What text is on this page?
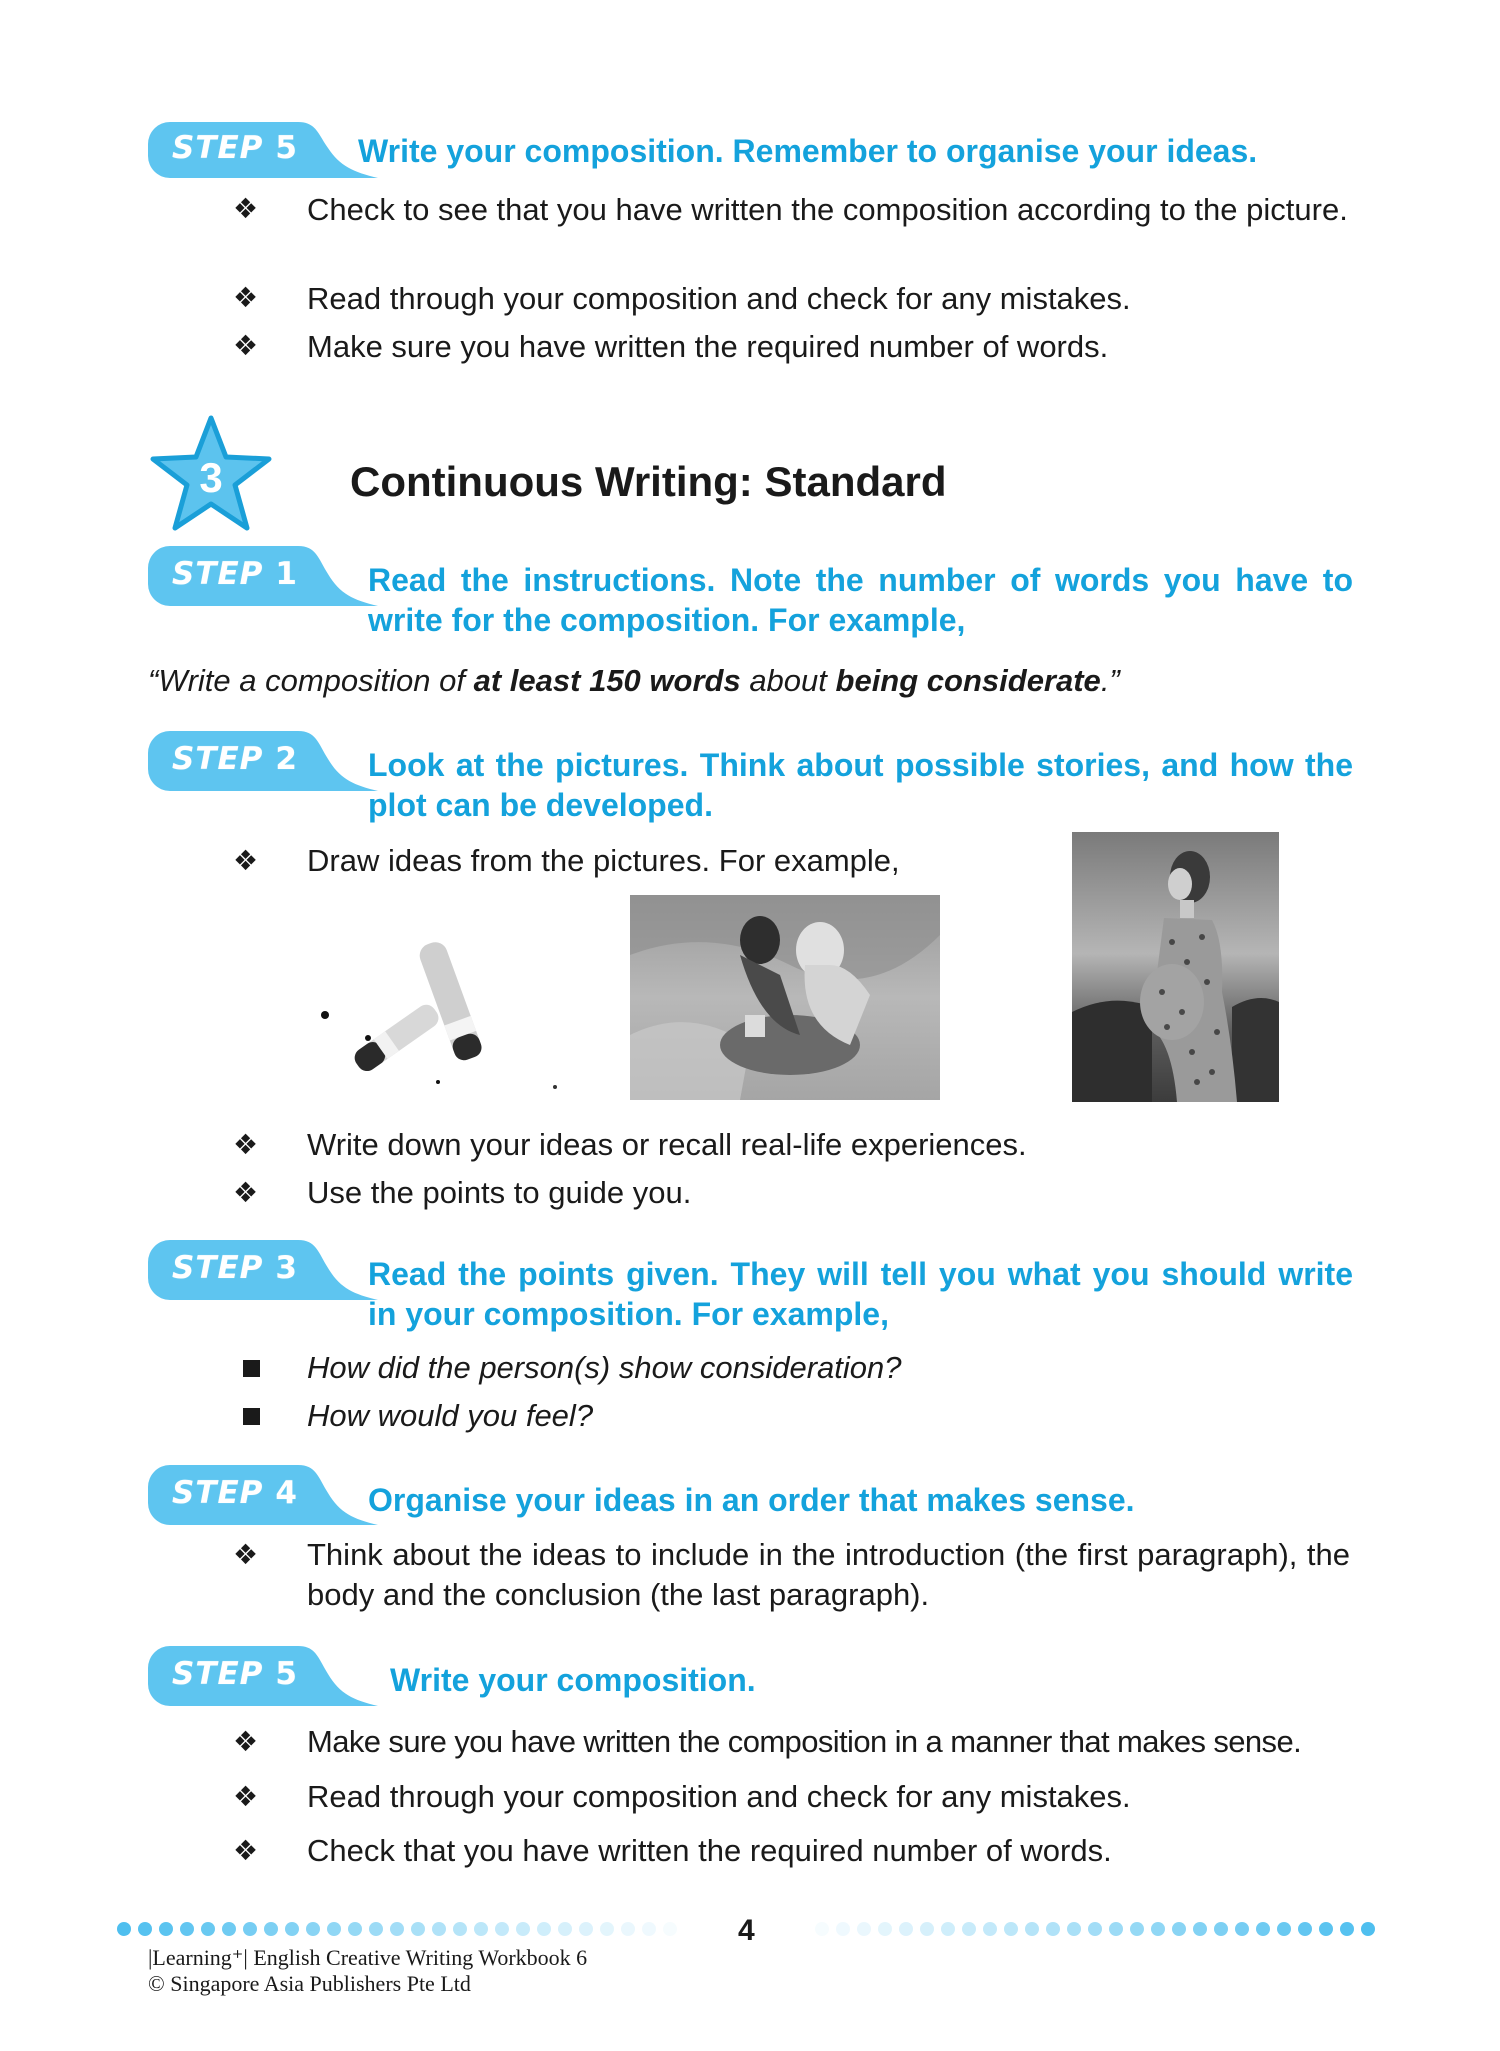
STEP 5 Write your composition. Remember to organise your ideas.
❖ Check to see that you have written the composition according to the picture.
❖ Read through your composition and check for any mistakes.
❖ Make sure you have written the required number of words.
3	Continuous Writing: Standard
STEP 1 Read the instructions. Note the number of words you have to write for the composition. For example,
“Write a composition of at least 150 words about being considerate.”
STEP 2 Look at the pictures. Think about possible stories, and how the plot can be developed.
❖ Draw ideas from the pictures. For example,
❖ Write down your ideas or recall real-life experiences.
❖ Use the points to guide you.
STEP 3 Read the points given. They will tell you what you should write in your composition. For example,
How did the person(s) show consideration?
How would you feel?
STEP 4 Organise your ideas in an order that makes sense.
❖ Think about the ideas to include in the introduction (the first paragraph), the body and the conclusion (the last paragraph).
STEP 5	Write your composition.
❖ Make sure you have written the composition in a manner that makes sense.
❖ Read through your composition and check for any mistakes.
❖ Check that you have written the required number of words.
4
|Learning⁺| English Creative Writing Workbook 6
© Singapore Asia Publishers Pte Ltd
